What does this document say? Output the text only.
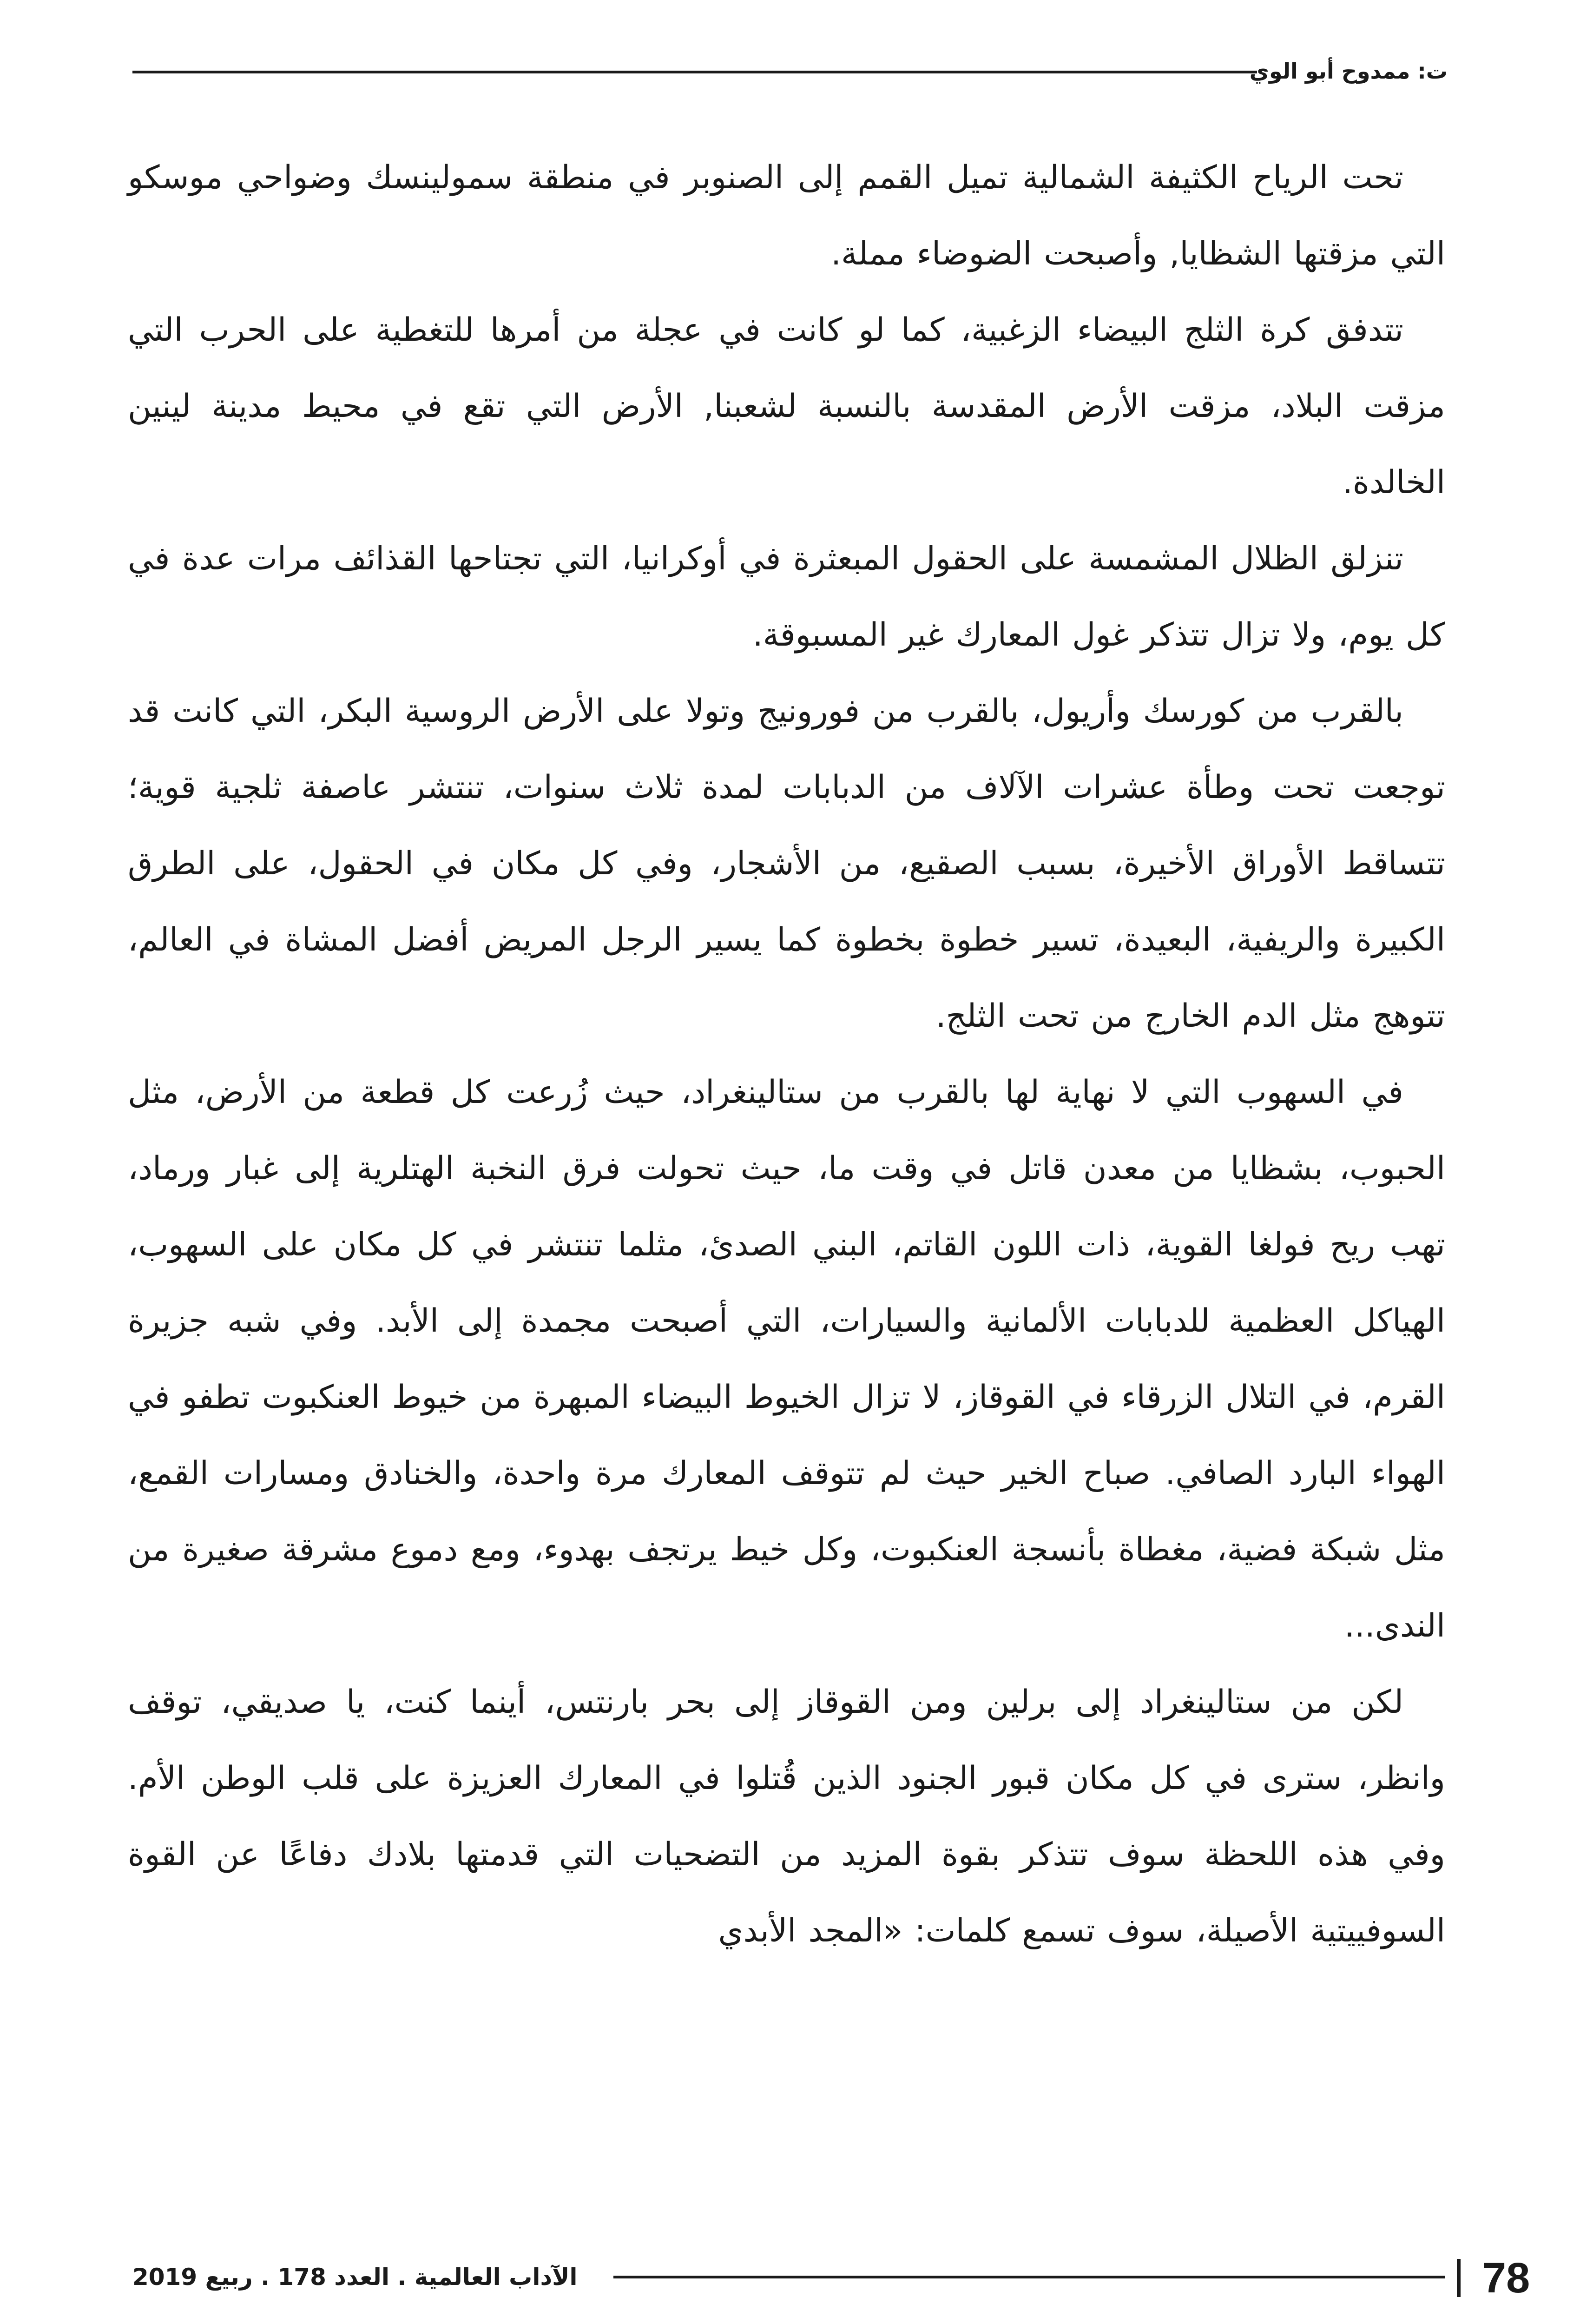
ت: ممدوح أبو الوي

تحت الرياح الكثيفة الشمالية تميل القمم إلى الصنوبر في منطقة سمولينسك وضواحي موسكو التي مزقتها الشظايا, وأصبحت الضوضاء مملة.

تتدفق كرة الثلج البيضاء الزغبية، كما لو كانت في عجلة من أمرها للتغطية على الحرب التي مزقت البلاد، مزقت الأرض المقدسة بالنسبة لشعبنا, الأرض التي تقع في محيط مدينة لينين الخالدة.

تنزلق الظلال المشمسة على الحقول المبعثرة في أوكرانيا، التي تجتاحها القذائف مرات عدة في كل يوم، ولا تزال تتذكر غول المعارك غير المسبوقة.

بالقرب من كورسك وأريول، بالقرب من فورونيج وتولا على الأرض الروسية البكر، التي كانت قد توجعت تحت وطأة عشرات الآلاف من الدبابات لمدة ثلاث سنوات، تنتشر عاصفة ثلجية قوية؛ تتساقط الأوراق الأخيرة، بسبب الصقيع، من الأشجار، وفي كل مكان في الحقول، على الطرق الكبيرة والريفية، البعيدة، تسير خطوة بخطوة كما يسير الرجل المريض أفضل المشاة في العالم، تتوهج مثل الدم الخارج من تحت الثلج.

في السهوب التي لا نهاية لها بالقرب من ستالينغراد، حيث زُرعت كل قطعة من الأرض، مثل الحبوب، بشظايا من معدن قاتل في وقت ما، حيث تحولت فرق النخبة الهتلرية إلى غبار ورماد، تهب ريح فولغا القوية، ذات اللون القاتم، البني الصدئ، مثلما تنتشر في كل مكان على السهوب، الهياكل العظمية للدبابات الألمانية والسيارات، التي أصبحت مجمدة إلى الأبد. وفي شبه جزيرة القرم، في التلال الزرقاء في القوقاز، لا تزال الخيوط البيضاء المبهرة من خيوط العنكبوت تطفو في الهواء البارد الصافي. صباح الخير حيث لم تتوقف المعارك مرة واحدة، والخنادق ومسارات القمع، مثل شبكة فضية، مغطاة بأنسجة العنكبوت، وكل خيط يرتجف بهدوء، ومع دموع مشرقة صغيرة من الندى...

لكن من ستالينغراد إلى برلين ومن القوقاز إلى بحر بارنتس، أينما كنت، يا صديقي، توقف وانظر، سترى في كل مكان قبور الجنود الذين قُتلوا في المعارك العزيزة على قلب الوطن الأم. وفي هذه اللحظة سوف تتذكر بقوة المزيد من التضحيات التي قدمتها بلادك دفاعًا عن القوة السوفييتية الأصيلة، سوف تسمع كلمات: «المجد الأبدي

الآداب العالمية . العدد 178 . ربيع 2019	78
